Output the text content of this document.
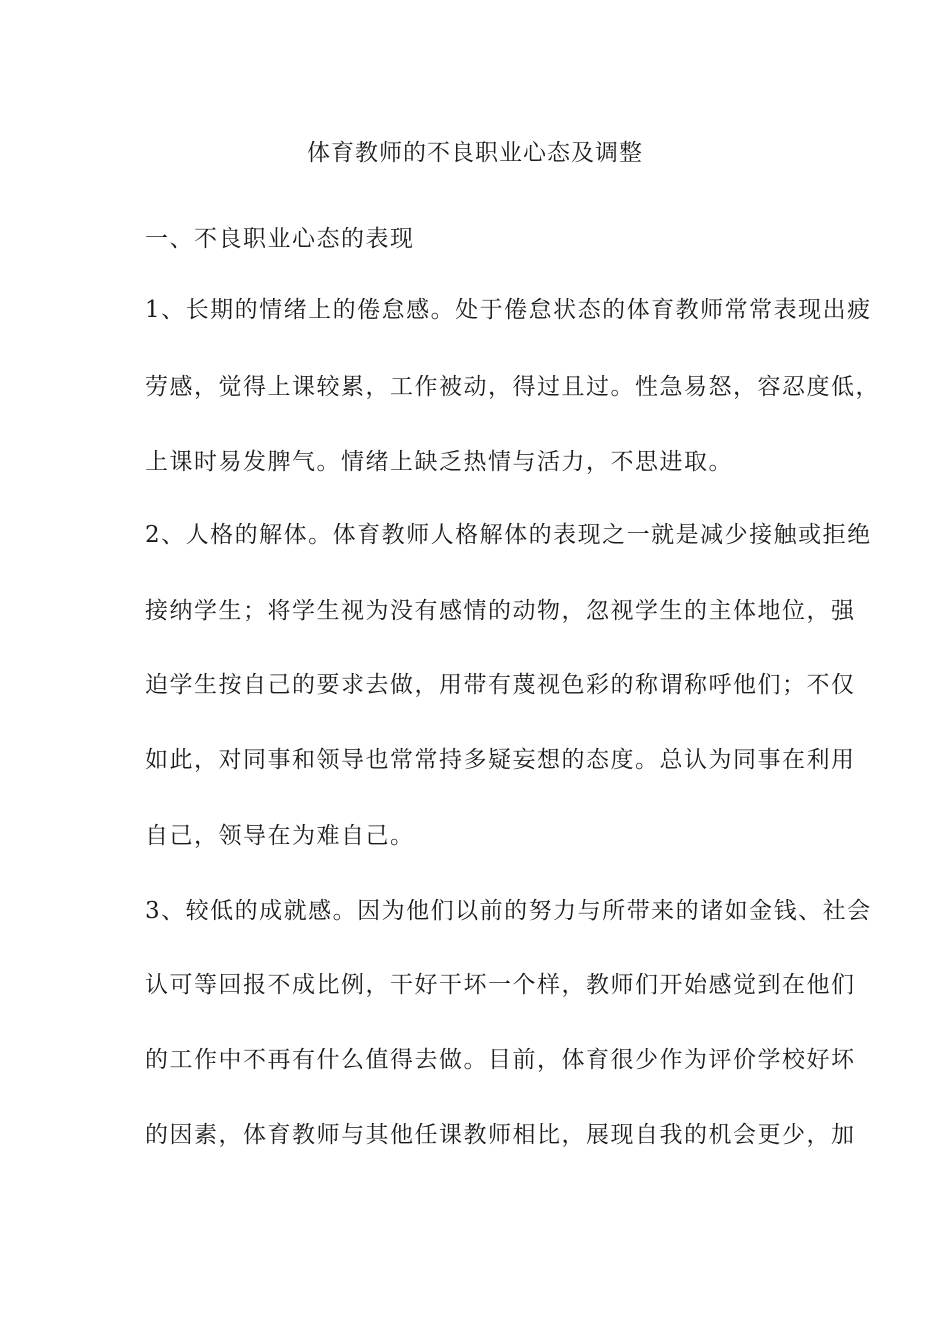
体育教师的不良职业心态及调整
一、不良职业心态的表现
1、长期的情绪上的倦怠感。处于倦怠状态的体育教师常常表现出疲
劳感，觉得上课较累，工作被动，得过且过。性急易怒，容忍度低，
上课时易发脾气。情绪上缺乏热情与活力，不思进取。
2、人格的解体。体育教师人格解体的表现之一就是减少接触或拒绝
接纳学生；将学生视为没有感情的动物，忽视学生的主体地位，强
迫学生按自己的要求去做，用带有蔑视色彩的称谓称呼他们；不仅
如此，对同事和领导也常常持多疑妄想的态度。总认为同事在利用
自己，领导在为难自己。
3、较低的成就感。因为他们以前的努力与所带来的诸如金钱、社会
认可等回报不成比例，干好干坏一个样，教师们开始感觉到在他们
的工作中不再有什么值得去做。目前，体育很少作为评价学校好坏
的因素，体育教师与其他任课教师相比，展现自我的机会更少，加
